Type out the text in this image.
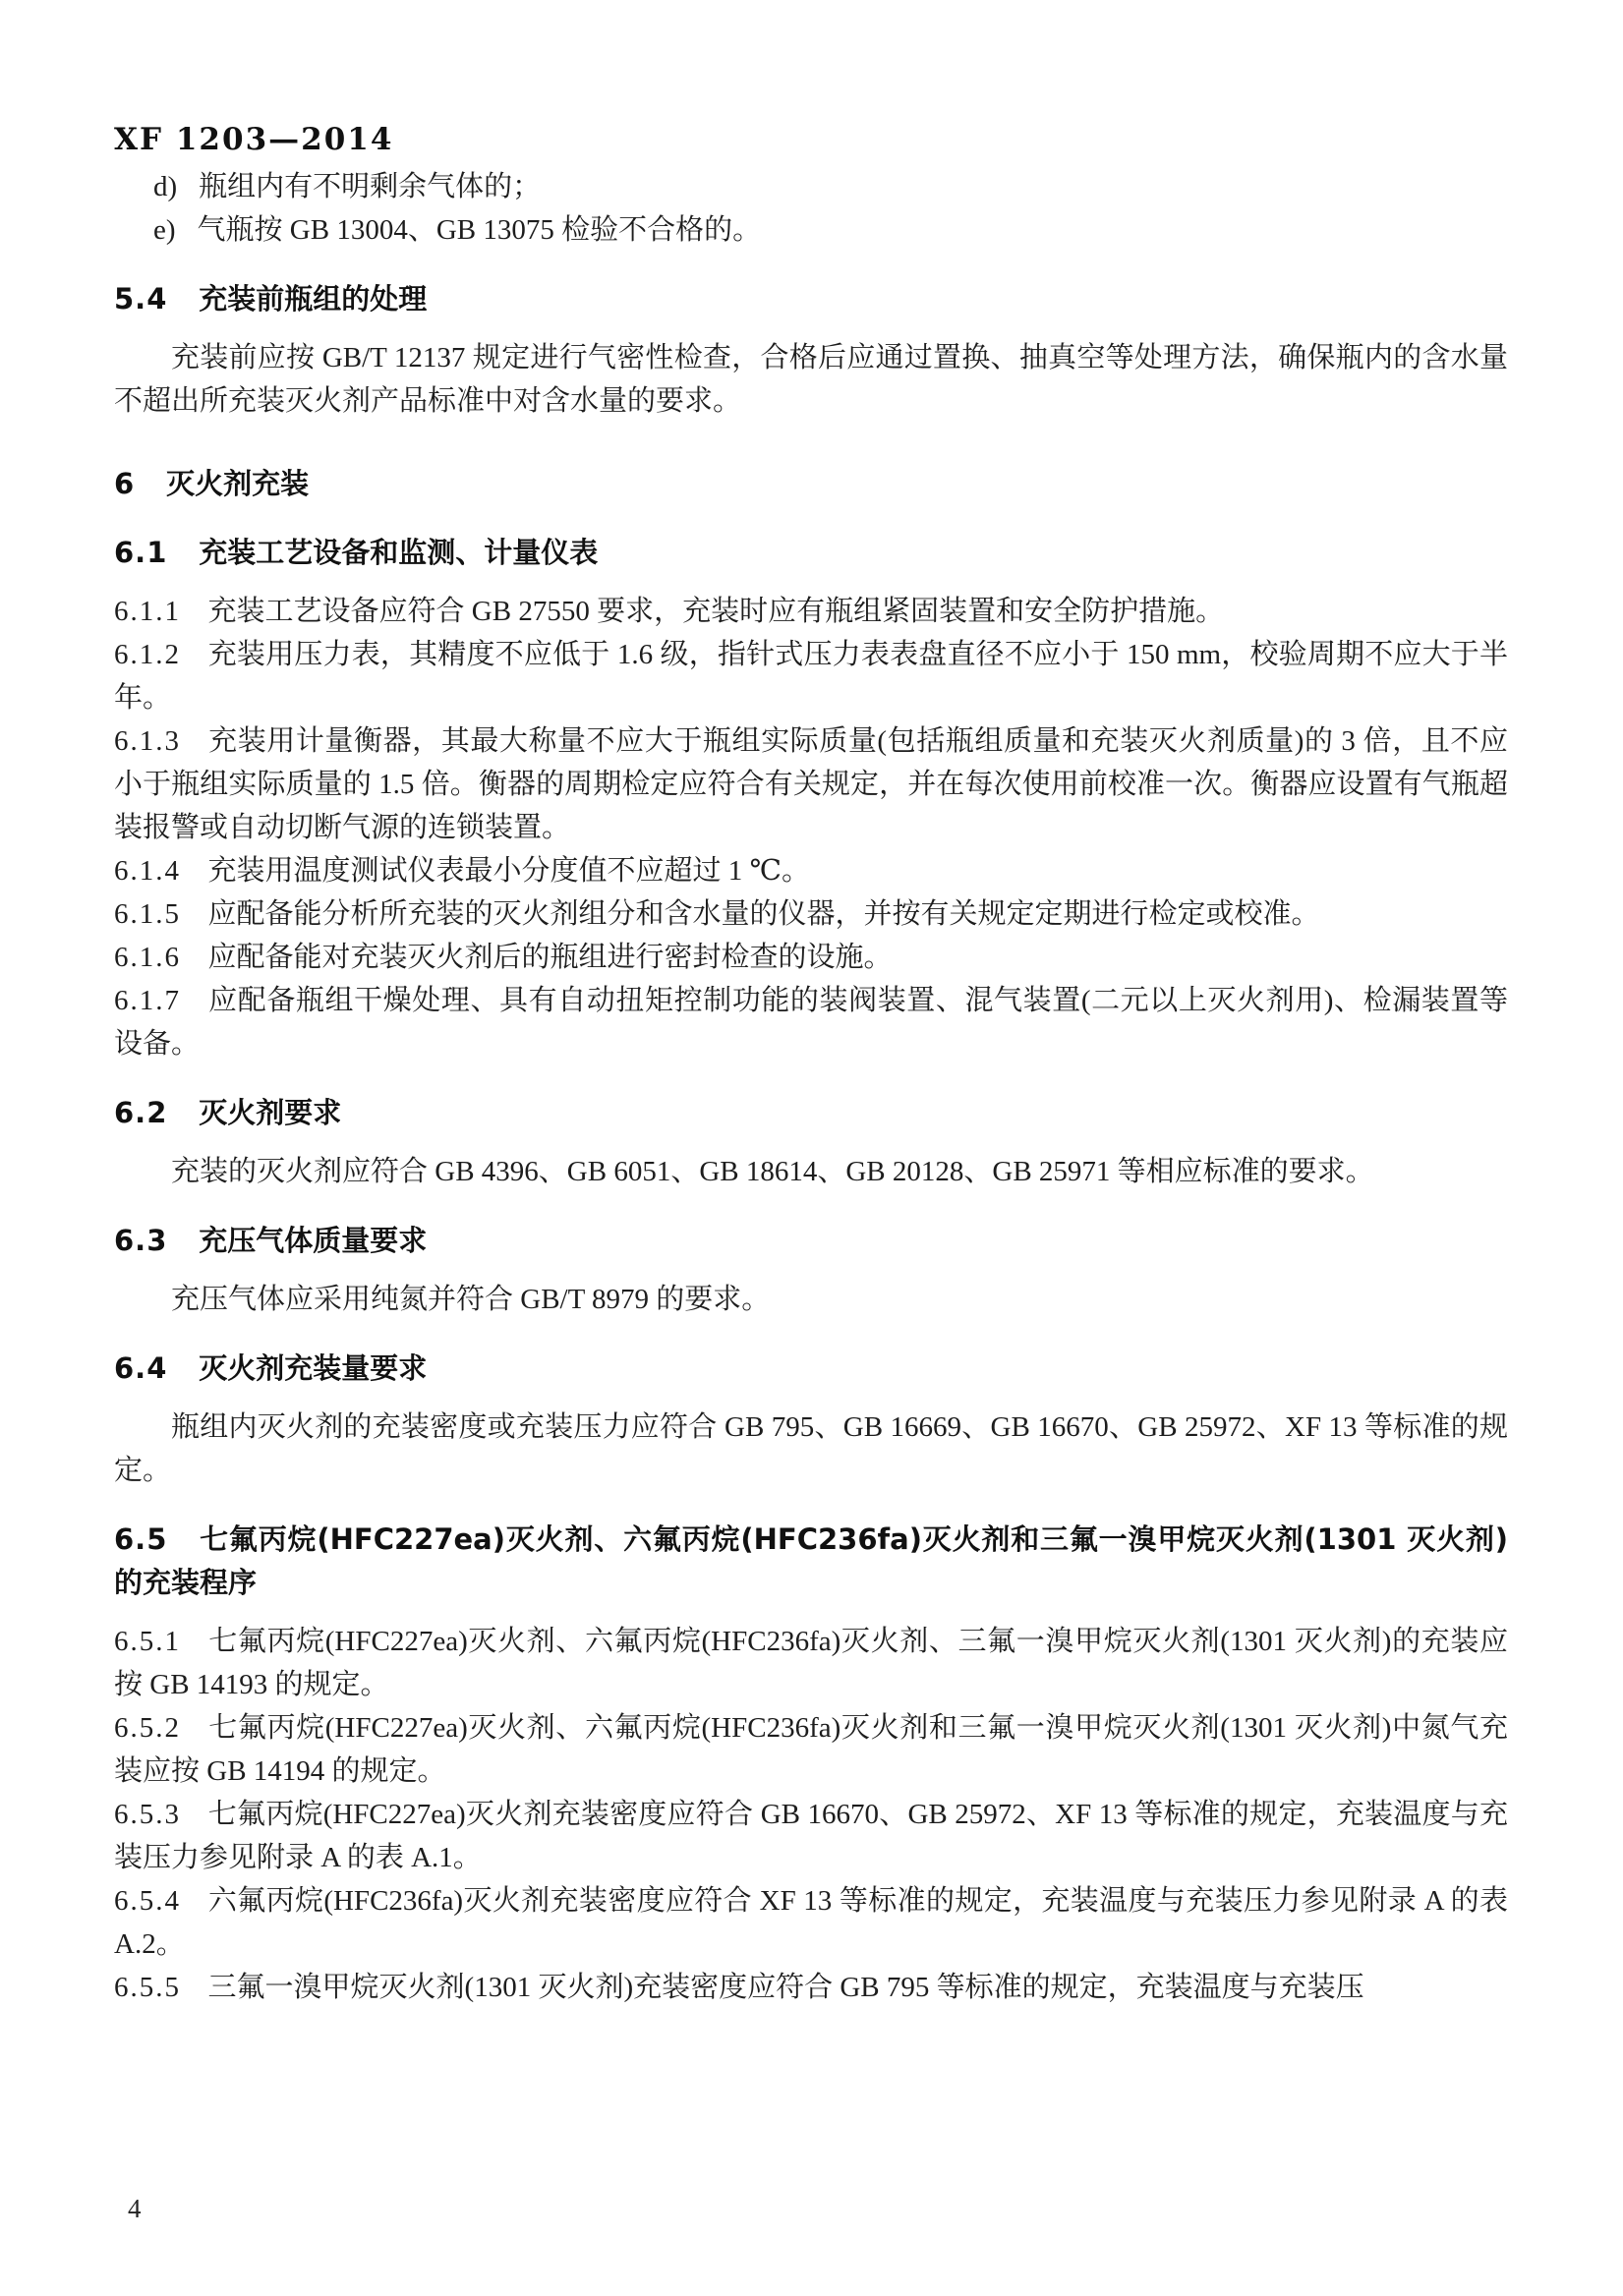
XF 1203—2014

d) 瓶组内有不明剩余气体的；

e) 气瓶按 GB 13004、GB 13075 检验不合格的。

5.4 充装前瓶组的处理

充装前应按 GB/T 12137 规定进行气密性检查，合格后应通过置换、抽真空等处理方法，确保瓶内的含水量不超出所充装灭火剂产品标准中对含水量的要求。

6 灭火剂充装

6.1 充装工艺设备和监测、计量仪表

6.1.1 充装工艺设备应符合 GB 27550 要求，充装时应有瓶组紧固装置和安全防护措施。

6.1.2 充装用压力表，其精度不应低于 1.6 级，指针式压力表表盘直径不应小于 150 mm，校验周期不应大于半年。

6.1.3 充装用计量衡器，其最大称量不应大于瓶组实际质量(包括瓶组质量和充装灭火剂质量)的 3 倍，且不应小于瓶组实际质量的 1.5 倍。衡器的周期检定应符合有关规定，并在每次使用前校准一次。衡器应设置有气瓶超装报警或自动切断气源的连锁装置。

6.1.4 充装用温度测试仪表最小分度值不应超过 1 ℃。

6.1.5 应配备能分析所充装的灭火剂组分和含水量的仪器，并按有关规定定期进行检定或校准。

6.1.6 应配备能对充装灭火剂后的瓶组进行密封检查的设施。

6.1.7 应配备瓶组干燥处理、具有自动扭矩控制功能的装阀装置、混气装置(二元以上灭火剂用)、检漏装置等设备。

6.2 灭火剂要求

充装的灭火剂应符合 GB 4396、GB 6051、GB 18614、GB 20128、GB 25971 等相应标准的要求。

6.3 充压气体质量要求

充压气体应采用纯氮并符合 GB/T 8979 的要求。

6.4 灭火剂充装量要求

瓶组内灭火剂的充装密度或充装压力应符合 GB 795、GB 16669、GB 16670、GB 25972、XF 13 等标准的规定。

6.5 七氟丙烷(HFC227ea)灭火剂、六氟丙烷(HFC236fa)灭火剂和三氟一溴甲烷灭火剂(1301 灭火剂)的充装程序

6.5.1 七氟丙烷(HFC227ea)灭火剂、六氟丙烷(HFC236fa)灭火剂、三氟一溴甲烷灭火剂(1301 灭火剂)的充装应按 GB 14193 的规定。

6.5.2 七氟丙烷(HFC227ea)灭火剂、六氟丙烷(HFC236fa)灭火剂和三氟一溴甲烷灭火剂(1301 灭火剂)中氮气充装应按 GB 14194 的规定。

6.5.3 七氟丙烷(HFC227ea)灭火剂充装密度应符合 GB 16670、GB 25972、XF 13 等标准的规定，充装温度与充装压力参见附录 A 的表 A.1。

6.5.4 六氟丙烷(HFC236fa)灭火剂充装密度应符合 XF 13 等标准的规定，充装温度与充装压力参见附录 A 的表 A.2。

6.5.5 三氟一溴甲烷灭火剂(1301 灭火剂)充装密度应符合 GB 795 等标准的规定，充装温度与充装压

4
